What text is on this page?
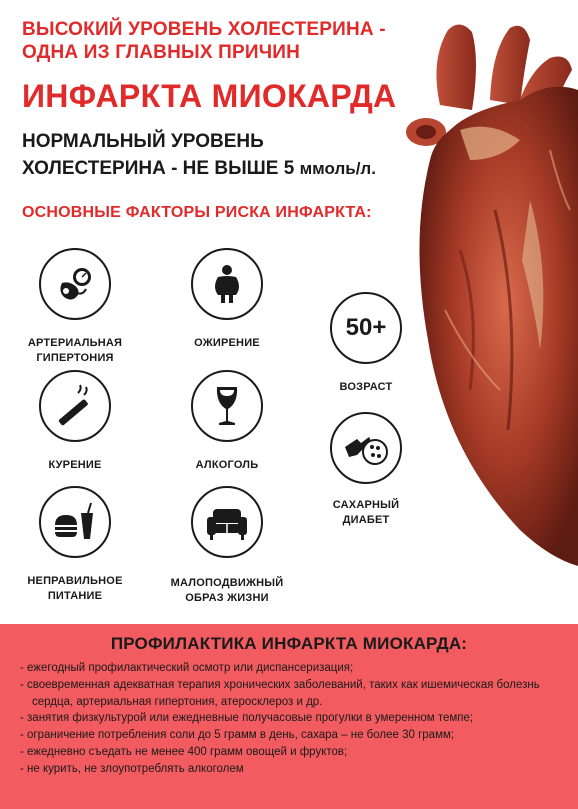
ВЫСОКИЙ УРОВЕНЬ ХОЛЕСТЕРИНА -
ОДНА ИЗ ГЛАВНЫХ ПРИЧИН
ИНФАРКТА МИОКАРДА
НОРМАЛЬНЫЙ УРОВЕНЬ
ХОЛЕСТЕРИНА - НЕ ВЫШЕ 5 ммоль/л.
ОСНОВНЫЕ ФАКТОРЫ РИСКА ИНФАРКТА:
АРТЕРИАЛЬНАЯ
ГИПЕРТОНИЯ
ОЖИРЕНИЕ
50+
ВОЗРАСТ
КУРЕНИЕ	АЛКОГОЛЬ
САХАРНЫЙ
ДИАБЕТ
НЕПРАВИЛЬНОЕ
ПИТАНИЕ
МАЛОПОДВИЖНЫЙ
ОБРАЗ ЖИЗНИ
ПРОФИЛАКТИКА ИНФАРКТА МИОКАРДА:
- ежегодный профилактический осмотр или диспансеризация;
- своевременная адекватная терапия хронических заболеваний, таких как ишемическая болезнь сердца, артериальная гипертония, атеросклероз и др.
- занятия физкультурой или ежедневные получасовые прогулки в умеренном темпе;
- ограничение потребления соли до 5 грамм в день, сахара – не более 30 грамм;
- ежедневно съедать не менее 400 грамм овощей и фруктов;
- не курить, не злоупотреблять алкоголем
